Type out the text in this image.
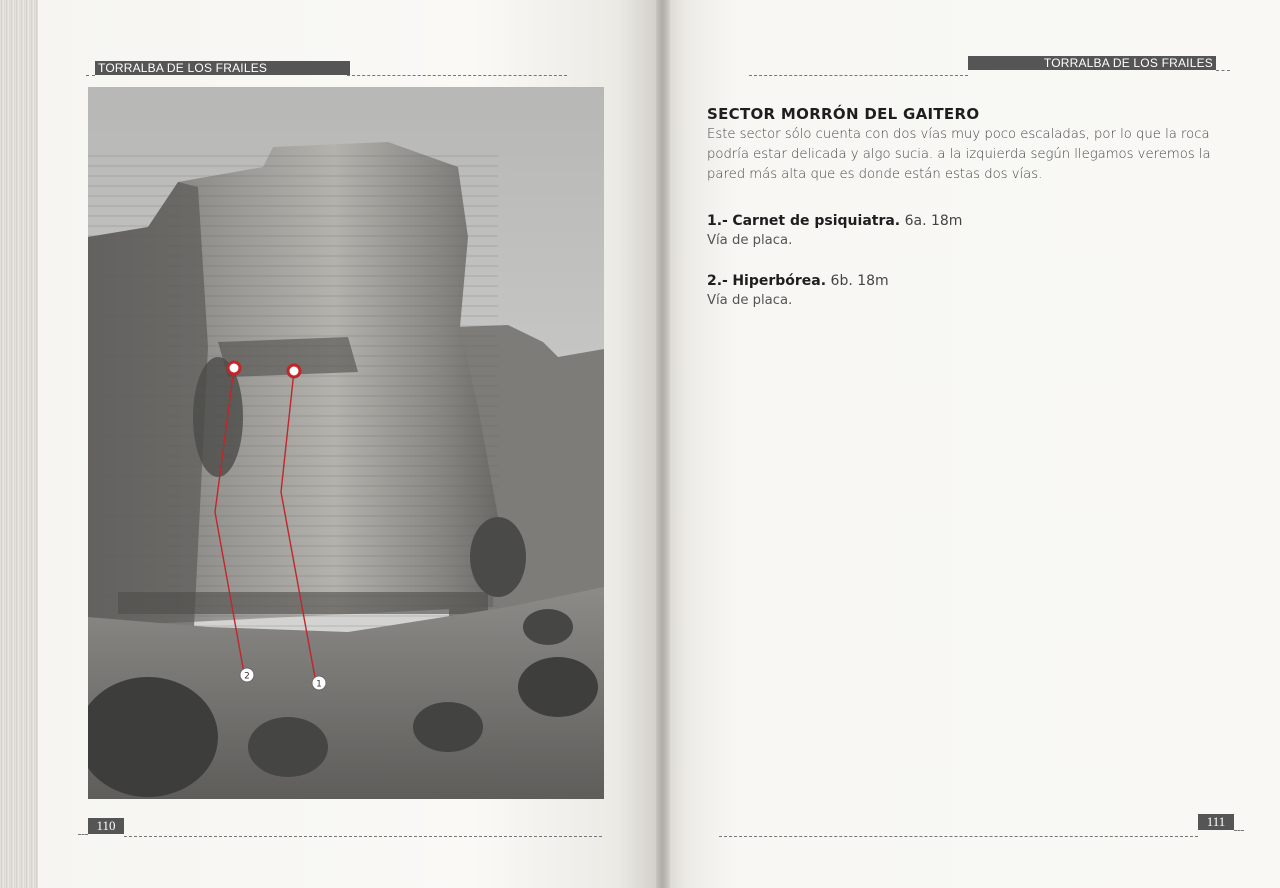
TORRALBA DE LOS FRAILES	TORRALBA DE LOS FRAILES
2
1
110	111
SECTOR MORRÓN DEL GAITERO

Este sector sólo cuenta con dos vías muy poco escaladas, por lo que la roca podría estar delicada y algo sucia. a la izquierda según llegamos veremos la pared más alta que es donde están estas dos vías.

1.- Carnet de psiquiatra. 6a. 18m
Vía de placa.
2.- Hiperbórea. 6b. 18m
Vía de placa.
